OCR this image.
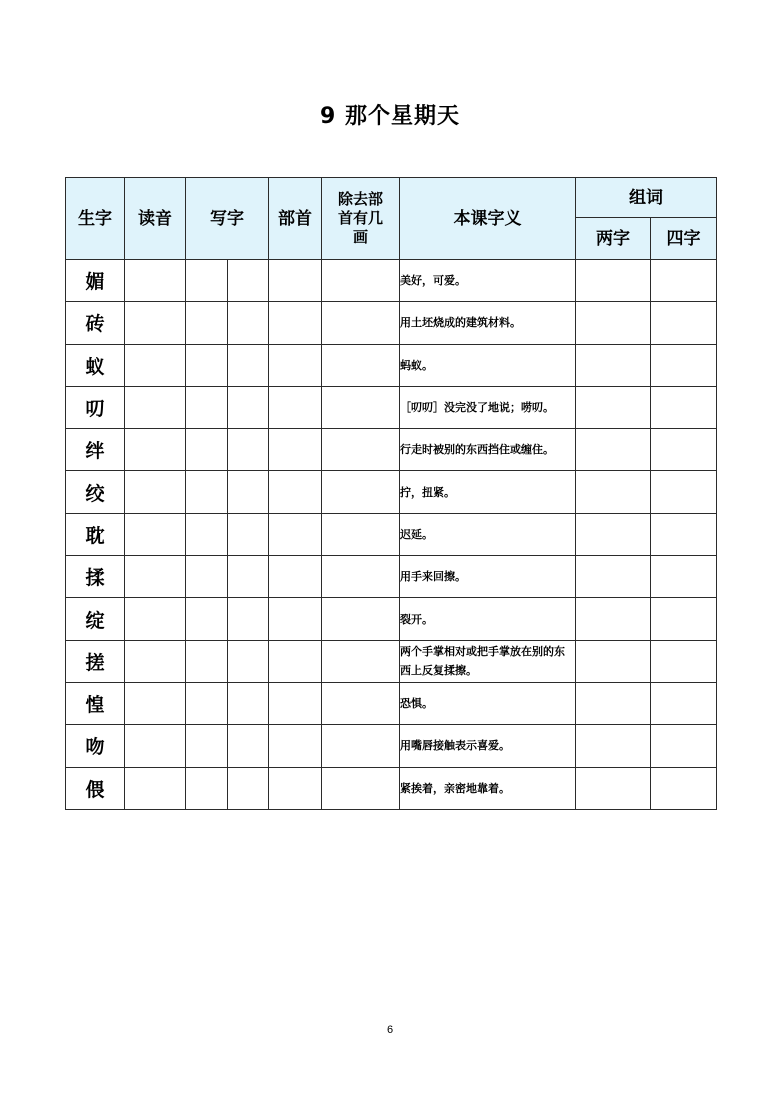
9 那个星期天
生字	读音	写字		部首	除去部首有几画	本课字义	组词	
							两字	四字
媚						美好，可爱。		
砖						用土坯烧成的建筑材料。		
蚁						蚂蚁。		
叨						［叨叨］没完没了地说；唠叨。		
绊						行走时被别的东西挡住或缠住。		
绞						拧，扭紧。		
耽						迟延。		
揉						用手来回擦。		
绽						裂开。		
搓						两个手掌相对或把手掌放在别的东西上反复揉擦。		
惶						恐惧。		
吻						用嘴唇接触表示喜爱。		
偎						紧挨着，亲密地靠着。		
6
